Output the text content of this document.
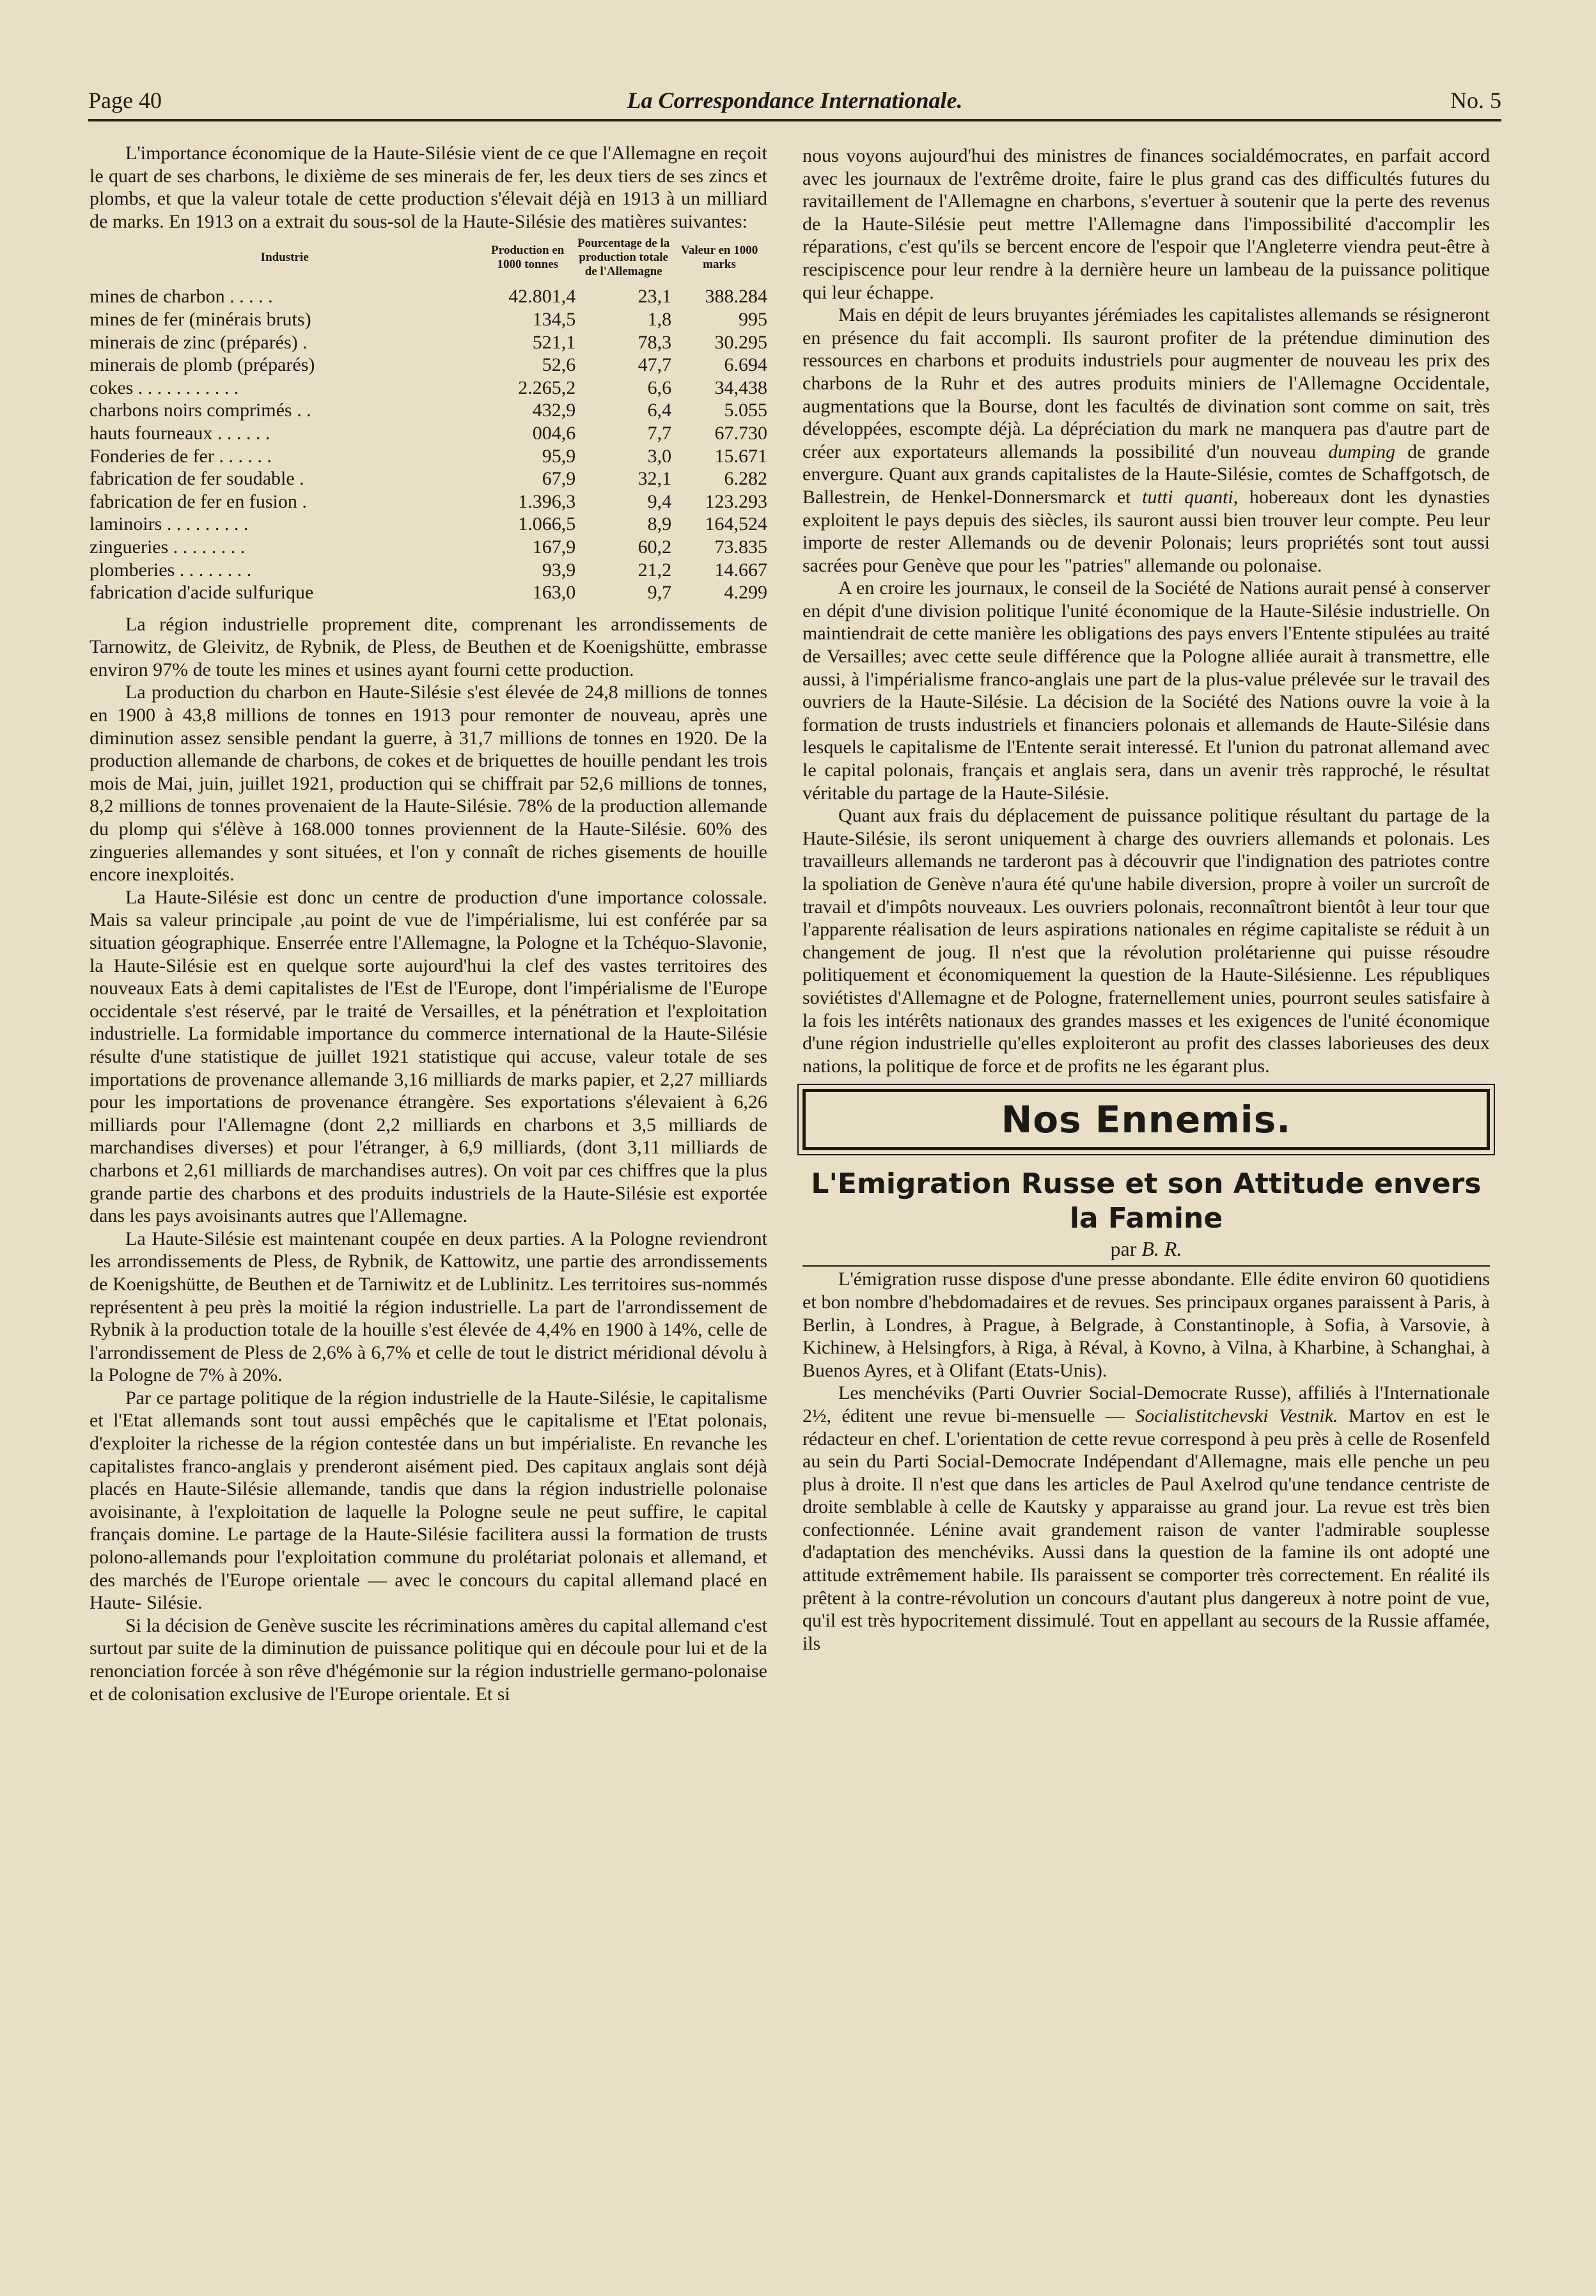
Page 40	La Correspondance Internationale.	No. 5

L'importance économique de la Haute-Silésie vient de ce que l'Allemagne en reçoit le quart de ses charbons, le dixième de ses minerais de fer, les deux tiers de ses zincs et plombs, et que la valeur totale de cette production s'élevait déjà en 1913 à un milliard de marks. En 1913 on a extrait du sous-sol de la Haute-Silésie des matières suivantes:

Industrie	Production en 1000 tonnes	Pourcentage de la production totale de l'Allemagne	Valeur en 1000 marks
mines de charbon . . . . .	42.801,4	23,1	388.284
mines de fer (minérais bruts)	134,5	1,8	995
minerais de zinc (préparés) .	521,1	78,3	30.295
minerais de plomb (préparés)	52,6	47,7	6.694
cokes . . . . . . . . . . .	2.265,2	6,6	34,438
charbons noirs comprimés . .	432,9	6,4	5.055
hauts fourneaux . . . . . .	004,6	7,7	67.730
Fonderies de fer . . . . . .	95,9	3,0	15.671
fabrication de fer soudable .	67,9	32,1	6.282
fabrication de fer en fusion .	1.396,3	9,4	123.293
laminoirs . . . . . . . . .	1.066,5	8,9	164,524
zingueries . . . . . . . .	167,9	60,2	73.835
plomberies . . . . . . . .	93,9	21,2	14.667
fabrication d'acide sulfurique	163,0	9,7	4.299

La région industrielle proprement dite, comprenant les arrondissements de Tarnowitz, de Gleivitz, de Rybnik, de Pless, de Beuthen et de Koenigshütte, embrasse environ 97% de toute les mines et usines ayant fourni cette production.

La production du charbon en Haute-Silésie s'est élevée de 24,8 millions de tonnes en 1900 à 43,8 millions de tonnes en 1913 pour remonter de nouveau, après une diminution assez sensible pendant la guerre, à 31,7 millions de tonnes en 1920. De la production allemande de charbons, de cokes et de briquettes de houille pendant les trois mois de Mai, juin, juillet 1921, production qui se chiffrait par 52,6 millions de tonnes, 8,2 millions de tonnes provenaient de la Haute-Silésie. 78% de la production allemande du plomp qui s'élève à 168.000 tonnes proviennent de la Haute-Silésie. 60% des zingueries allemandes y sont situées, et l'on y connaît de riches gisements de houille encore inexploités.

La Haute-Silésie est donc un centre de production d'une importance colossale. Mais sa valeur principale ,au point de vue de l'impérialisme, lui est conférée par sa situation géographique. Enserrée entre l'Allemagne, la Pologne et la Tchéquo-Slavonie, la Haute-Silésie est en quelque sorte aujourd'hui la clef des vastes territoires des nouveaux Eats à demi capitalistes de l'Est de l'Europe, dont l'impérialisme de l'Europe occidentale s'est réservé, par le traité de Versailles, et la pénétration et l'exploitation industrielle. La formidable importance du commerce international de la Haute-Silésie résulte d'une statistique de juillet 1921 statistique qui accuse, valeur totale de ses importations de provenance allemande 3,16 milliards de marks papier, et 2,27 milliards pour les importations de provenance étrangère. Ses exportations s'élevaient à 6,26 milliards pour l'Allemagne (dont 2,2 milliards en charbons et 3,5 milliards de marchandises diverses) et pour l'étranger, à 6,9 milliards, (dont 3,11 milliards de charbons et 2,61 milliards de marchandises autres). On voit par ces chiffres que la plus grande partie des charbons et des produits industriels de la Haute-Silésie est exportée dans les pays avoisinants autres que l'Allemagne.

La Haute-Silésie est maintenant coupée en deux parties. A la Pologne reviendront les arrondissements de Pless, de Rybnik, de Kattowitz, une partie des arrondissements de Koenigshütte, de Beuthen et de Tarniwitz et de Lublinitz. Les territoires sus-nommés représentent à peu près la moitié la région industrielle. La part de l'arrondissement de Rybnik à la production totale de la houille s'est élevée de 4,4% en 1900 à 14%, celle de l'arrondissement de Pless de 2,6% à 6,7% et celle de tout le district méridional dévolu à la Pologne de 7% à 20%.

Par ce partage politique de la région industrielle de la Haute-Silésie, le capitalisme et l'Etat allemands sont tout aussi empêchés que le capitalisme et l'Etat polonais, d'exploiter la richesse de la région contestée dans un but impérialiste. En revanche les capitalistes franco-anglais y prenderont aisément pied. Des capitaux anglais sont déjà placés en Haute-Silésie allemande, tandis que dans la région industrielle polonaise avoisinante, à l'exploitation de laquelle la Pologne seule ne peut suffire, le capital français domine. Le partage de la Haute-Silésie facilitera aussi la formation de trusts polono-allemands pour l'exploitation commune du prolétariat polonais et allemand, et des marchés de l'Europe orientale — avec le concours du capital allemand placé en Haute- Silésie.

Si la décision de Genève suscite les récriminations amères du capital allemand c'est surtout par suite de la diminution de puissance politique qui en découle pour lui et de la renonciation forcée à son rêve d'hégémonie sur la région industrielle germano-polonaise et de colonisation exclusive de l'Europe orientale. Et si

nous voyons aujourd'hui des ministres de finances socialdémocrates, en parfait accord avec les journaux de l'extrême droite, faire le plus grand cas des difficultés futures du ravitaillement de l'Allemagne en charbons, s'evertuer à soutenir que la perte des revenus de la Haute-Silésie peut mettre l'Allemagne dans l'impossibilité d'accomplir les réparations, c'est qu'ils se bercent encore de l'espoir que l'Angleterre viendra peut-être à rescipiscence pour leur rendre à la dernière heure un lambeau de la puissance politique qui leur échappe.

Mais en dépit de leurs bruyantes jérémiades les capitalistes allemands se résigneront en présence du fait accompli. Ils sauront profiter de la prétendue diminution des ressources en charbons et produits industriels pour augmenter de nouveau les prix des charbons de la Ruhr et des autres produits miniers de l'Allemagne Occidentale, augmentations que la Bourse, dont les facultés de divination sont comme on sait, très développées, escompte déjà. La dépréciation du mark ne manquera pas d'autre part de créer aux exportateurs allemands la possibilité d'un nouveau dumping de grande envergure. Quant aux grands capitalistes de la Haute-Silésie, comtes de Schaffgotsch, de Ballestrein, de Henkel-Donnersmarck et tutti quanti, hobereaux dont les dynasties exploitent le pays depuis des siècles, ils sauront aussi bien trouver leur compte. Peu leur importe de rester Allemands ou de devenir Polonais; leurs propriétés sont tout aussi sacrées pour Genève que pour les "patries" allemande ou polonaise.

A en croire les journaux, le conseil de la Société de Nations aurait pensé à conserver en dépit d'une division politique l'unité économique de la Haute-Silésie industrielle. On maintiendrait de cette manière les obligations des pays envers l'Entente stipulées au traité de Versailles; avec cette seule différence que la Pologne alliée aurait à transmettre, elle aussi, à l'impérialisme franco-anglais une part de la plus-value prélevée sur le travail des ouvriers de la Haute-Silésie. La décision de la Société des Nations ouvre la voie à la formation de trusts industriels et financiers polonais et allemands de Haute-Silésie dans lesquels le capitalisme de l'Entente serait interessé. Et l'union du patronat allemand avec le capital polonais, français et anglais sera, dans un avenir très rapproché, le résultat véritable du partage de la Haute-Silésie.

Quant aux frais du déplacement de puissance politique résultant du partage de la Haute-Silésie, ils seront uniquement à charge des ouvriers allemands et polonais. Les travailleurs allemands ne tarderont pas à découvrir que l'indignation des patriotes contre la spoliation de Genève n'aura été qu'une habile diversion, propre à voiler un surcroît de travail et d'impôts nouveaux. Les ouvriers polonais, reconnaîtront bientôt à leur tour que l'apparente réalisation de leurs aspirations nationales en régime capitaliste se réduit à un changement de joug. Il n'est que la révolution prolétarienne qui puisse résoudre politiquement et économiquement la question de la Haute-Silésienne. Les républiques soviétistes d'Allemagne et de Pologne, fraternellement unies, pourront seules satisfaire à la fois les intérêts nationaux des grandes masses et les exigences de l'unité économique d'une région industrielle qu'elles exploiteront au profit des classes laborieuses des deux nations, la politique de force et de profits ne les égarant plus.

Nos Ennemis.
L'Emigration Russe et son Attitude envers la Famine
par B. R.

L'émigration russe dispose d'une presse abondante. Elle édite environ 60 quotidiens et bon nombre d'hebdomadaires et de revues. Ses principaux organes paraissent à Paris, à Berlin, à Londres, à Prague, à Belgrade, à Constantinople, à Sofia, à Varsovie, à Kichinew, à Helsingfors, à Riga, à Réval, à Kovno, à Vilna, à Kharbine, à Schanghai, à Buenos Ayres, et à Olifant (Etats-Unis).

Les menchéviks (Parti Ouvrier Social-Democrate Russe), affiliés à l'Internationale 2½, éditent une revue bi-mensuelle — Socialistitchevski Vestnik. Martov en est le rédacteur en chef. L'orientation de cette revue correspond à peu près à celle de Rosenfeld au sein du Parti Social-Democrate Indépendant d'Allemagne, mais elle penche un peu plus à droite. Il n'est que dans les articles de Paul Axelrod qu'une tendance centriste de droite semblable à celle de Kautsky y apparaisse au grand jour. La revue est très bien confectionnée. Lénine avait grandement raison de vanter l'admirable souplesse d'adaptation des menchéviks. Aussi dans la question de la famine ils ont adopté une attitude extrêmement habile. Ils paraissent se comporter très correctement. En réalité ils prêtent à la contre-révolution un concours d'autant plus dangereux à notre point de vue, qu'il est très hypocritement dissimulé. Tout en appellant au secours de la Russie affamée, ils
